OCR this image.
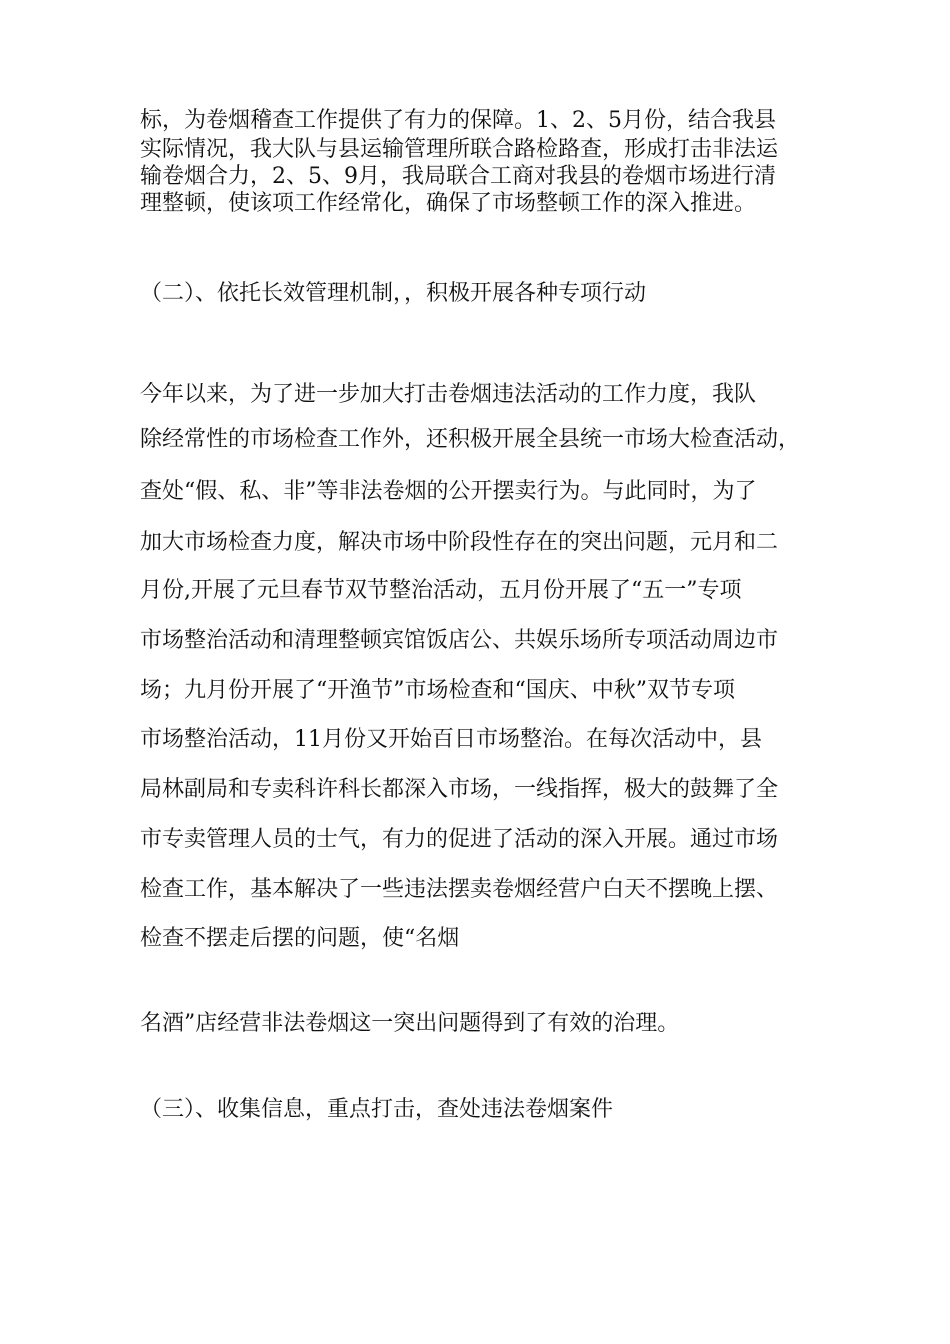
标，为卷烟稽查工作提供了有力的保障。1、2、5月份，结合我县
实际情况，我大队与县运输管理所联合路检路查，形成打击非法运
输卷烟合力，2、5、9月，我局联合工商对我县的卷烟市场进行清
理整顿，使该项工作经常化，确保了市场整顿工作的深入推进。
（二）、依托长效管理机制，，积极开展各种专项行动
今年以来，为了进一步加大打击卷烟违法活动的工作力度，我队
除经常性的市场检查工作外，还积极开展全县统一市场大检查活动，
查处“假、私、非”等非法卷烟的公开摆卖行为。与此同时，为了
加大市场检查力度，解决市场中阶段性存在的突出问题，元月和二
月份,开展了元旦春节双节整治活动，五月份开展了“五一”专项
市场整治活动和清理整顿宾馆饭店公、共娱乐场所专项活动周边市
场；九月份开展了“开渔节”市场检查和“国庆、中秋”双节专项
市场整治活动，11月份又开始百日市场整治。在每次活动中，县
局林副局和专卖科许科长都深入市场，一线指挥，极大的鼓舞了全
市专卖管理人员的士气，有力的促进了活动的深入开展。通过市场
检查工作，基本解决了一些违法摆卖卷烟经营户白天不摆晚上摆、
检查不摆走后摆的问题，使“名烟
名酒”店经营非法卷烟这一突出问题得到了有效的治理。
（三）、收集信息，重点打击，查处违法卷烟案件
